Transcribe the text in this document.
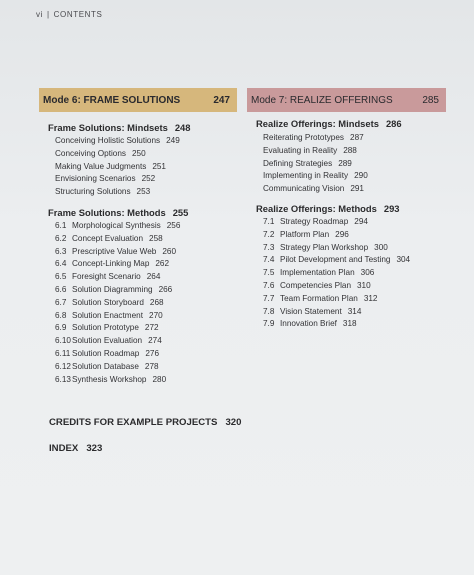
vi | CONTENTS
Mode 6: FRAME SOLUTIONS	247
Frame Solutions: Mindsets 248
Conceiving Holistic Solutions 249
Conceiving Options 250
Making Value Judgments 251
Envisioning Scenarios 252
Structuring Solutions 253
Frame Solutions: Methods 255
6.1 Morphological Synthesis 256
6.2 Concept Evaluation 258
6.3 Prescriptive Value Web 260
6.4 Concept-Linking Map 262
6.5 Foresight Scenario 264
6.6 Solution Diagramming 266
6.7 Solution Storyboard 268
6.8 Solution Enactment 270
6.9 Solution Prototype 272
6.10 Solution Evaluation 274
6.11 Solution Roadmap 276
6.12 Solution Database 278
6.13 Synthesis Workshop 280
Mode 7: REALIZE OFFERINGS	285
Realize Offerings: Mindsets 286
Reiterating Prototypes 287
Evaluating in Reality 288
Defining Strategies 289
Implementing in Reality 290
Communicating Vision 291
Realize Offerings: Methods 293
7.1 Strategy Roadmap 294
7.2 Platform Plan 296
7.3 Strategy Plan Workshop 300
7.4 Pilot Development and Testing 304
7.5 Implementation Plan 306
7.6 Competencies Plan 310
7.7 Team Formation Plan 312
7.8 Vision Statement 314
7.9 Innovation Brief 318
CREDITS FOR EXAMPLE PROJECTS 320
INDEX 323
